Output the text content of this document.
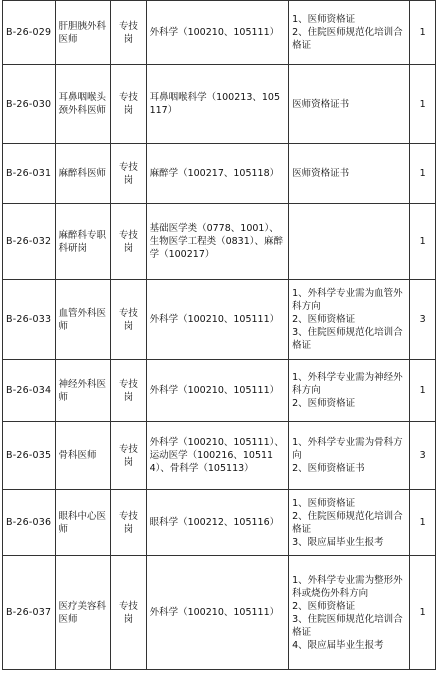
B-26-029	肝胆胰外科医师	专技岗	外科学（100210、105111）	1、医师资格证
2、住院医师规范化培训合格证	1
B-26-030	耳鼻咽喉头颈外科医师	专技岗	耳鼻咽喉科学（100213、105117）	医师资格证书	1
B-26-031	麻醉科医师	专技岗	麻醉学（100217、105118）	医师资格证书	1
B-26-032	麻醉科专职科研岗	专技岗	基础医学类（0778、1001）、生物医学工程类（0831）、麻醉学（100217）		1
B-26-033	血管外科医师	专技岗	外科学（100210、105111）	1、外科学专业需为血管外科方向
2、医师资格证
3、住院医师规范化培训合格证	3
B-26-034	神经外科医师	专技岗	外科学（100210、105111）	1、外科学专业需为神经外科方向
2、医师资格证	1
B-26-035	骨科医师	专技岗	外科学（100210、105111）、运动医学（100216、105114）、骨科学（105113）	1、外科学专业需为骨科方向
2、医师资格证书	3
B-26-036	眼科中心医师	专技岗	眼科学（100212、105116）	1、医师资格证
2、住院医师规范化培训合格证
3、限应届毕业生报考	1
B-26-037	医疗美容科医师	专技岗	外科学（100210、105111）	1、外科学专业需为整形外科或烧伤外科方向
2、医师资格证
3、住院医师规范化培训合格证
4、限应届毕业生报考	1
